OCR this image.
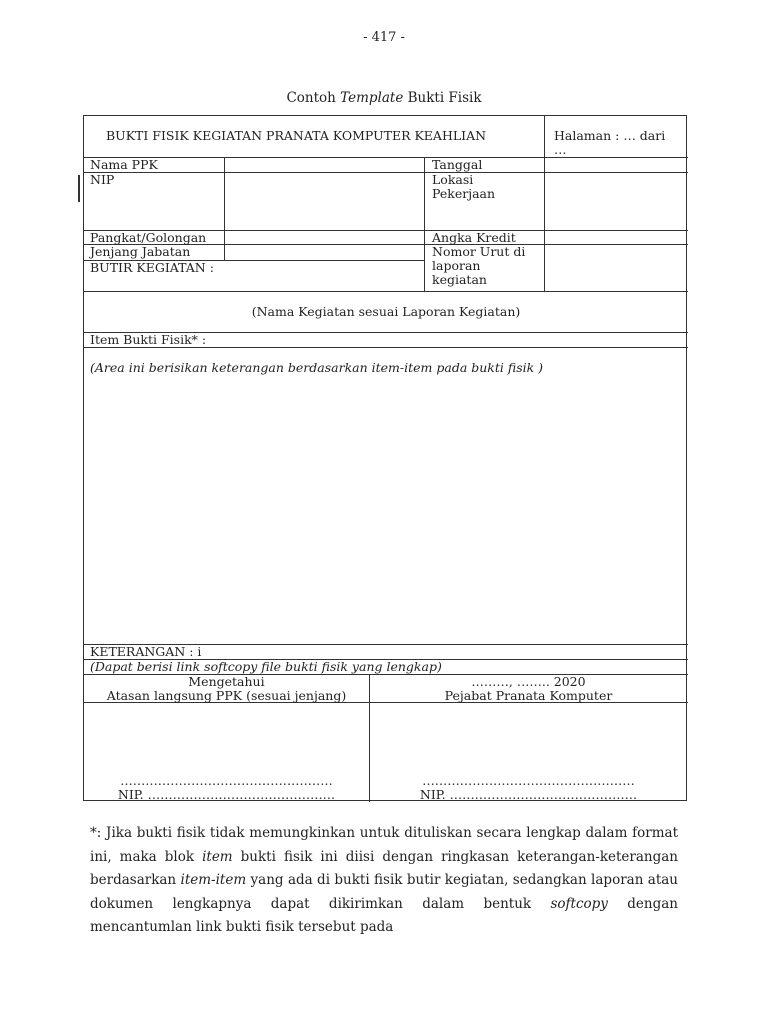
- 417 -
Contoh Template Bukti Fisik
BUKTI FISIK KEGIATAN PRANATA KOMPUTER KEAHLIAN	Halaman : … dari
…
Nama PPK
NIP
Tanggal
Lokasi
Pekerjaan
Pangkat/Golongan
Jenjang Jabatan
BUTIR KEGIATAN :
Angka Kredit
Nomor Urut di
laporan
kegiatan
(Nama Kegiatan sesuai Laporan Kegiatan)
Item Bukti Fisik* :
(Area ini berisikan keterangan berdasarkan item-item pada bukti fisik )
KETERANGAN : i
(Dapat berisi link softcopy file bukti fisik yang lengkap)
Mengetahui
Atasan langsung PPK (sesuai jenjang)
………, …….. 2020
Pejabat Pranata Komputer
……………………………………………
NIP. ………………………………………
……………………………………………
NIP. ………………………………………
*: Jika bukti fisik tidak memungkinkan untuk dituliskan secara lengkap dalam format ini, maka blok item bukti fisik ini diisi dengan ringkasan keterangan-keterangan berdasarkan item-item yang ada di bukti fisik butir kegiatan, sedangkan laporan atau dokumen lengkapnya dapat dikirimkan dalam bentuk softcopy dengan mencantumlan link bukti fisik tersebut pada
